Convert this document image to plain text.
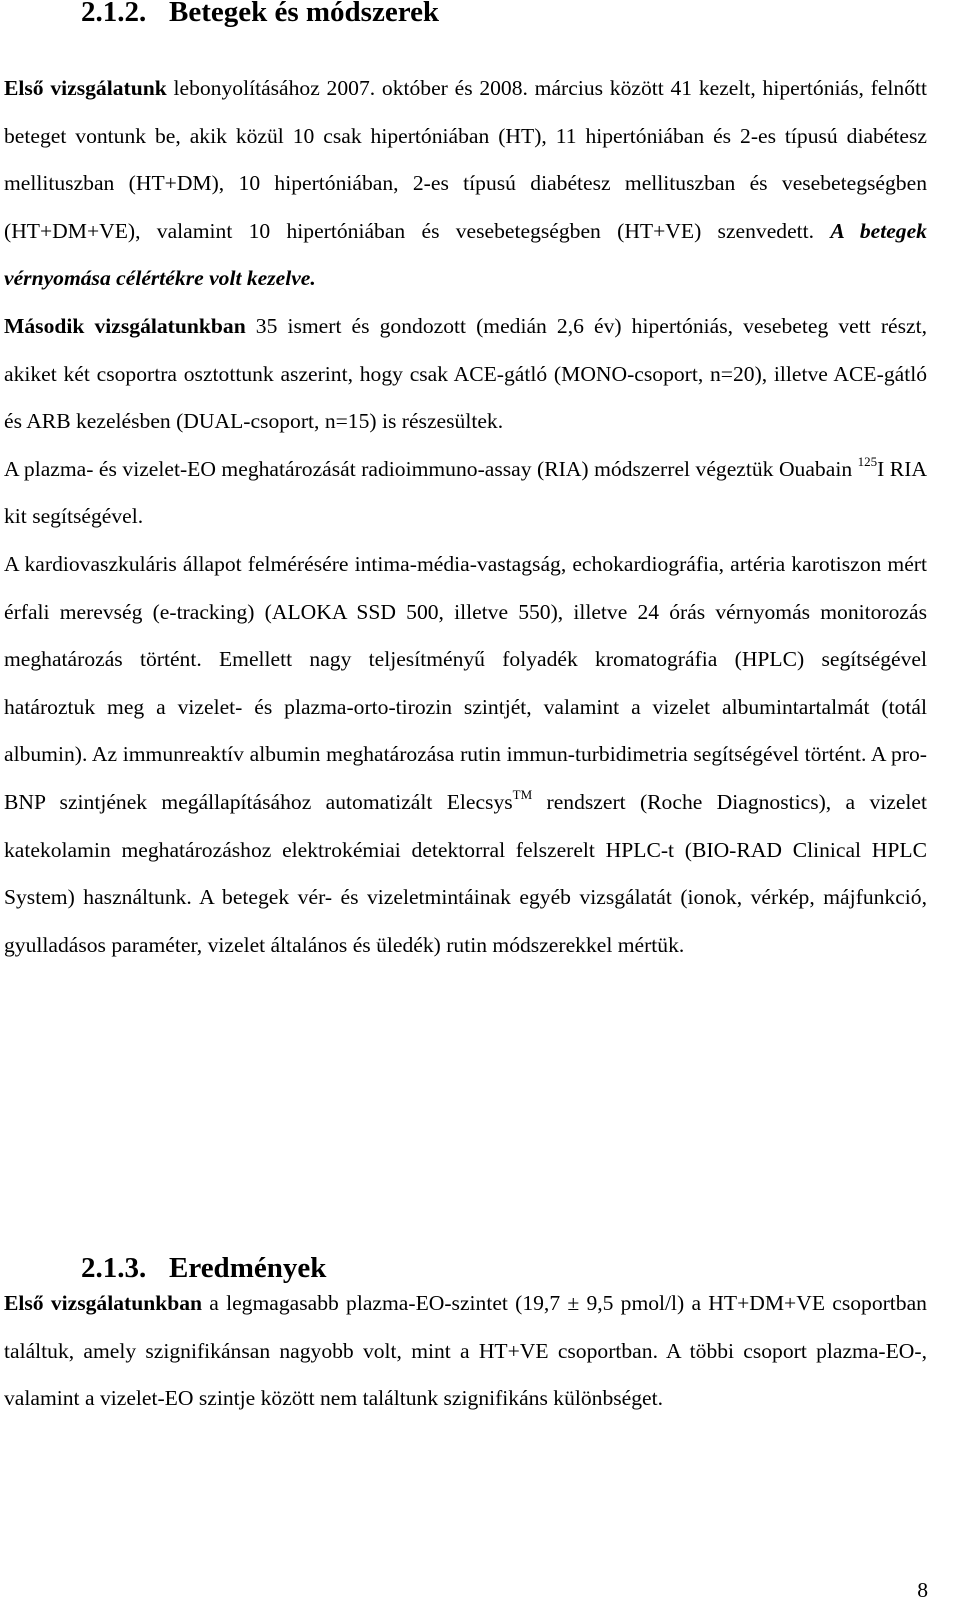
2.1.2. Betegek és módszerek

Első vizsgálatunk lebonyolításához 2007. október és 2008. március között 41 kezelt, hipertóniás, felnőtt beteget vontunk be, akik közül 10 csak hipertóniában (HT), 11 hipertóniában és 2-es típusú diabétesz mellituszban (HT+DM), 10 hipertóniában, 2-es típusú diabétesz mellituszban és vesebetegségben (HT+DM+VE), valamint 10 hipertóniában és vesebetegségben (HT+VE) szenvedett. A betegek vérnyomása célértékre volt kezelve.

Második vizsgálatunkban 35 ismert és gondozott (medián 2,6 év) hipertóniás, vesebeteg vett részt, akiket két csoportra osztottunk aszerint, hogy csak ACE-gátló (MONO-csoport, n=20), illetve ACE-gátló és ARB kezelésben (DUAL-csoport, n=15) is részesültek.

A plazma- és vizelet-EO meghatározását radioimmuno-assay (RIA) módszerrel végeztük Ouabain $^{125}$I RIA kit segítségével.

A kardiovaszkuláris állapot felmérésére intima-média-vastagság, echokardiográfia, artéria karotiszon mért érfali merevség (e-tracking) (ALOKA SSD 500, illetve 550), illetve 24 órás vérnyomás monitorozás meghatározás történt. Emellett nagy teljesítményű folyadék kromatográfia (HPLC) segítségével határoztuk meg a vizelet- és plazma-orto-tirozin szintjét, valamint a vizelet albumintartalmát (totál albumin). Az immunreaktív albumin meghatározása rutin immun-turbidimetria segítségével történt. A pro-BNP szintjének megállapításához automatizált Elecsys™ rendszert (Roche Diagnostics), a vizelet katekolamin meghatározáshoz elektrokémiai detektorral felszerelt HPLC-t (BIO-RAD Clinical HPLC System) használtunk. A betegek vér- és vizeletmintáinak egyéb vizsgálatát (ionok, vérkép, májfunkció, gyulladásos paraméter, vizelet általános és üledék) rutin módszerekkel mértük.

2.1.3. Eredmények

Első vizsgálatunkban a legmagasabb plazma-EO-szintet (19,7 ± 9,5 pmol/l) a HT+DM+VE csoportban találtuk, amely szignifikánsan nagyobb volt, mint a HT+VE csoportban. A többi csoport plazma-EO-, valamint a vizelet-EO szintje között nem találtunk szignifikáns különbséget.

8
